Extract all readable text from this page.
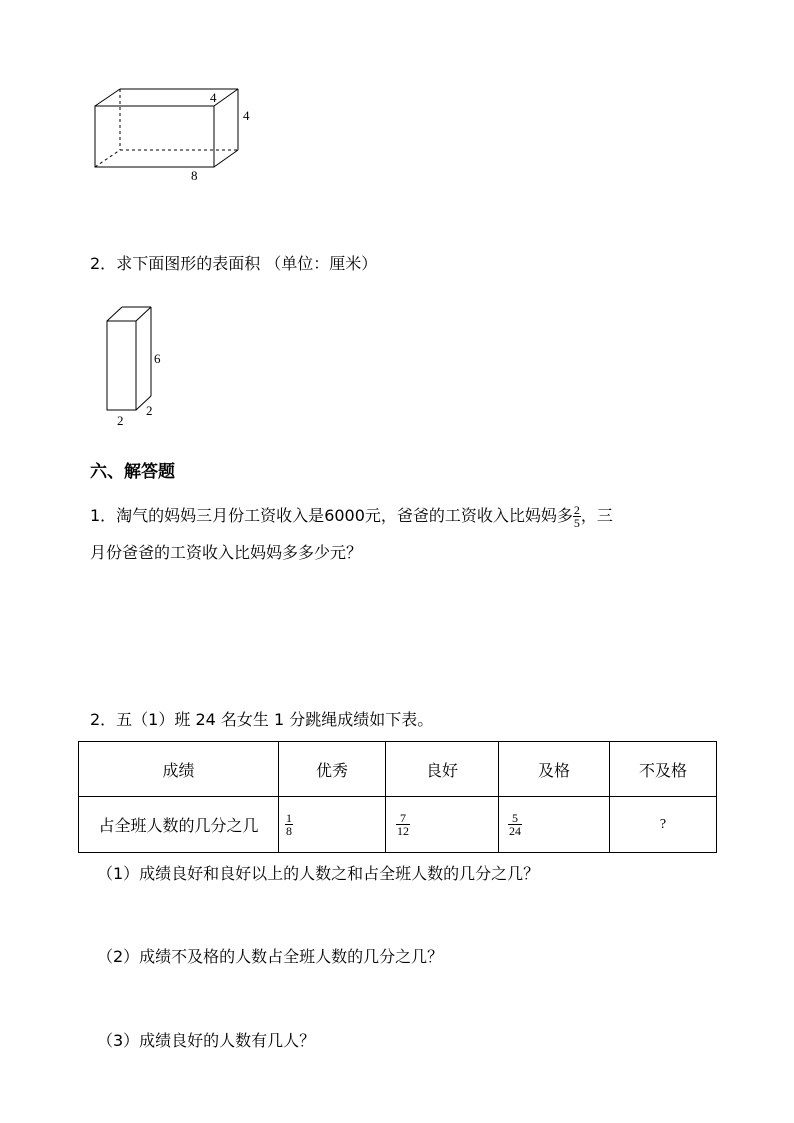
4
4
8
2．求下面图形的表面积 （单位：厘米）
6
2
2
六、解答题
1．淘气的妈妈三月份工资收入是6000元，爸爸的工资收入比妈妈多 $\frac{2}{5}$ ，三
月份爸爸的工资收入比妈妈多多少元？
2．五（1）班 24 名女生 1 分跳绳成绩如下表。
成绩	优秀	良好	及格	不及格
占全班人数的几分之几	$\frac{1}{8}$	$\frac{7}{12}$	$\frac{5}{24}$	?
（1）成绩良好和良好以上的人数之和占全班人数的几分之几？
（2）成绩不及格的人数占全班人数的几分之几？
（3）成绩良好的人数有几人？
